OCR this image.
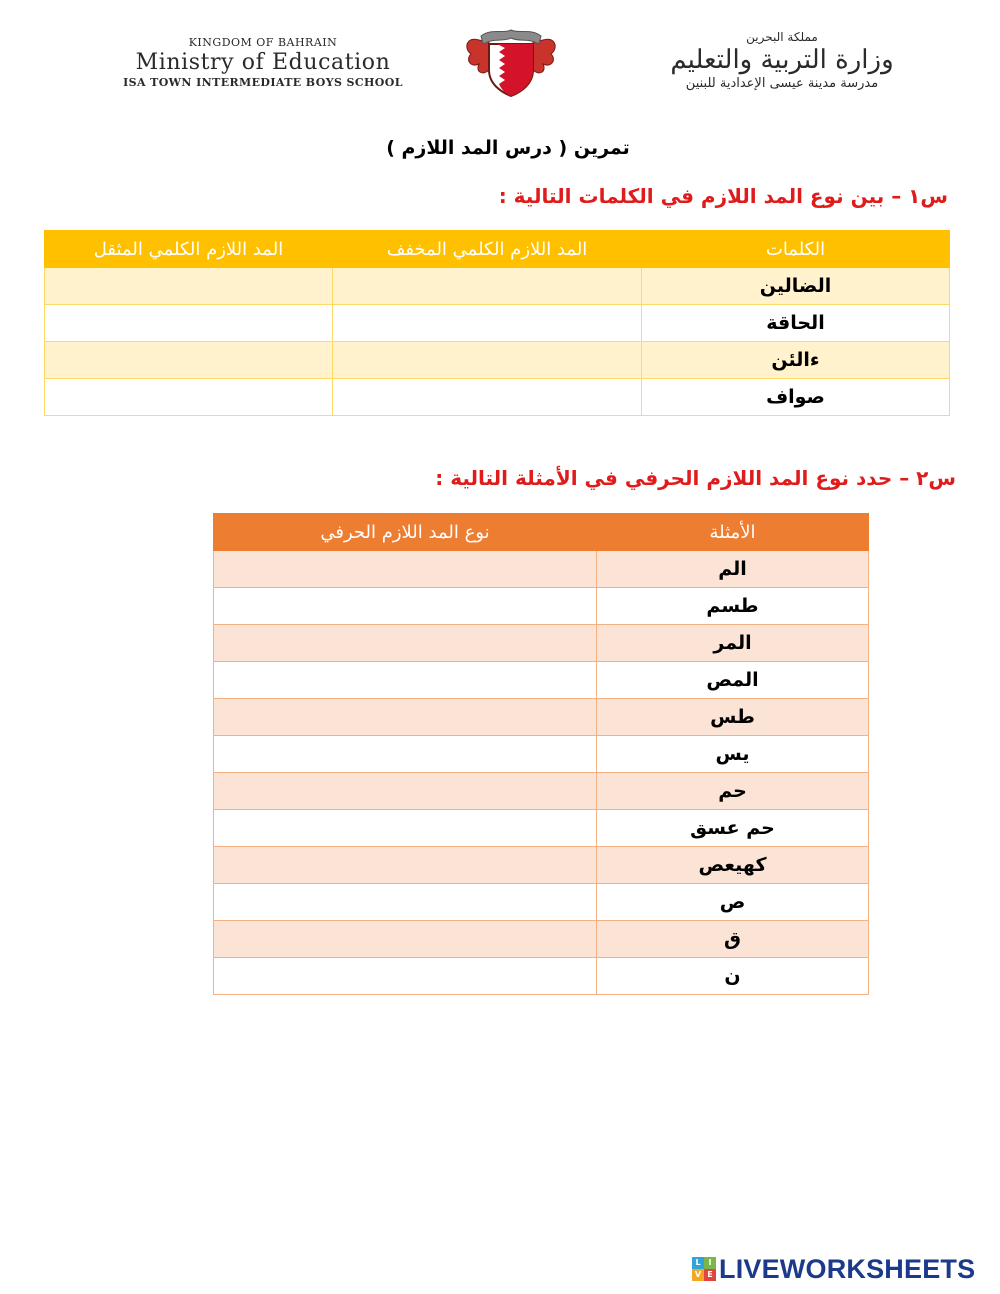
KINGDOM OF BAHRAIN
Ministry of Education
ISA TOWN INTERMEDIATE BOYS SCHOOL
مملكة البحرين
وزارة التربية والتعليم
مدرسة مدينة عيسى الإعدادية للبنين
تمرين ( درس المد اللازم )
س١ – بين نوع المد اللازم في الكلمات التالية :
الكلمات	المد اللازم الكلمي المخفف	المد اللازم الكلمي المثقل
الضالين		
الحاقة		
ءالئن		
صواف		
س٢ – حدد نوع المد اللازم الحرفي في الأمثلة التالية :
الأمثلة	نوع المد اللازم الحرفي
الم	
طسم	
المر	
المص	
طس	
يس	
حم	
حم عسق	
كهيعص	
ص	
ق	
ن	
L I
V E LIVEWORKSHEETS
